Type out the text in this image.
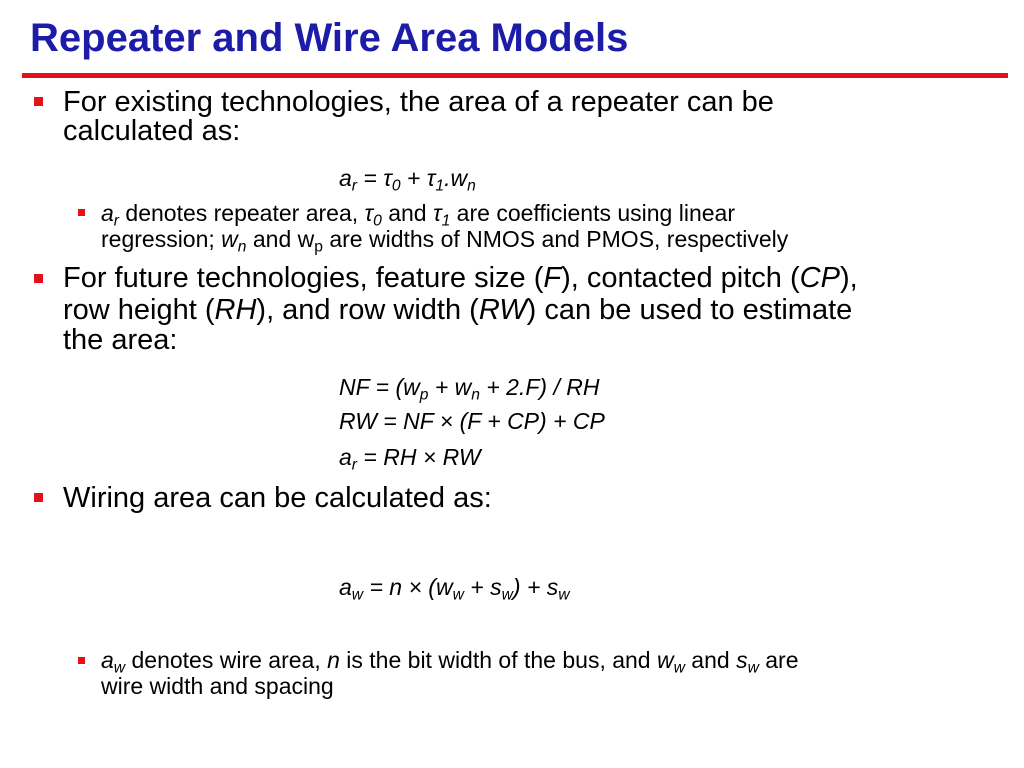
Repeater and Wire Area Models
For existing technologies, the area of a repeater can be
calculated as:
$a_r = \tau_0 + \tau_1.w_n$
$a_r$ denotes repeater area, $\tau_0$ and $\tau_1$ are coefficients using linear
regression; $w_n$ and $w_p$ are widths of NMOS and PMOS, respectively
For future technologies, feature size (F), contacted pitch (CP),
row height (RH), and row width (RW) can be used to estimate
the area:
NF = $(w_p + w_n + 2.F)$ / RH
RW = NF × (F + CP) + CP
$a_r$ = RH × RW
Wiring area can be calculated as:
$a_w = n \times (w_w + s_w) + s_w$
$a_w$ denotes wire area, n is the bit width of the bus, and $w_w$ and $s_w$ are
wire width and spacing
